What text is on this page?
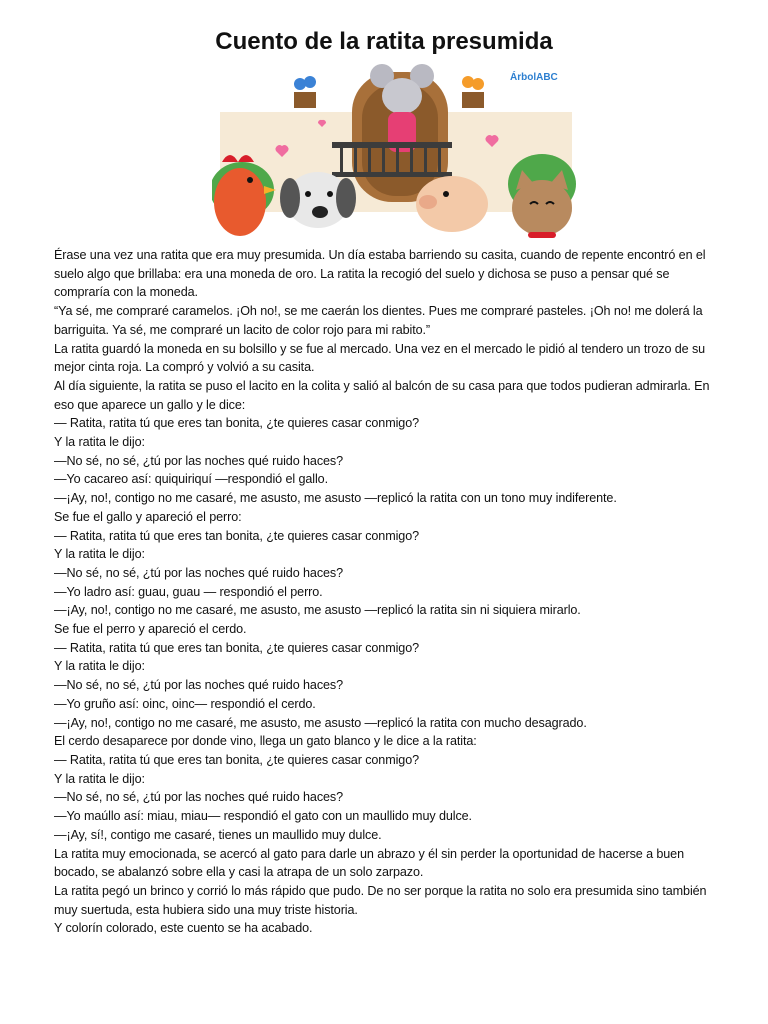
Cuento de la ratita presumida
ÁrbolABC

Érase una vez una ratita que era muy presumida. Un día estaba barriendo su casita, cuando de repente encontró en el suelo algo que brillaba: era una moneda de oro. La ratita la recogió del suelo y dichosa se puso a pensar qué se compraría con la moneda.

“Ya sé, me compraré caramelos. ¡Oh no!, se me caerán los dientes. Pues me compraré pasteles. ¡Oh no! me dolerá la barriguita. Ya sé, me compraré un lacito de color rojo para mi rabito.”

La ratita guardó la moneda en su bolsillo y se fue al mercado. Una vez en el mercado le pidió al tendero un trozo de su mejor cinta roja. La compró y volvió a su casita.

Al día siguiente, la ratita se puso el lacito en la colita y salió al balcón de su casa para que todos pudieran admirarla. En eso que aparece un gallo y le dice:

— Ratita, ratita tú que eres tan bonita, ¿te quieres casar conmigo?

Y la ratita le dijo:

—No sé, no sé, ¿tú por las noches qué ruido haces?

—Yo cacareo así: quiquiriquí —respondió el gallo.

—¡Ay, no!, contigo no me casaré, me asusto, me asusto —replicó la ratita con un tono muy indiferente.

Se fue el gallo y apareció el perro:

— Ratita, ratita tú que eres tan bonita, ¿te quieres casar conmigo?

Y la ratita le dijo:

—No sé, no sé, ¿tú por las noches qué ruido haces?

—Yo ladro así: guau, guau — respondió el perro.

—¡Ay, no!, contigo no me casaré, me asusto, me asusto —replicó la ratita sin ni siquiera mirarlo.

Se fue el perro y apareció el cerdo.

— Ratita, ratita tú que eres tan bonita, ¿te quieres casar conmigo?

Y la ratita le dijo:

—No sé, no sé, ¿tú por las noches qué ruido haces?

—Yo gruño así: oinc, oinc— respondió el cerdo.

—¡Ay, no!, contigo no me casaré, me asusto, me asusto —replicó la ratita con mucho desagrado.

El cerdo desaparece por donde vino, llega un gato blanco y le dice a la ratita:

— Ratita, ratita tú que eres tan bonita, ¿te quieres casar conmigo?

Y la ratita le dijo:

—No sé, no sé, ¿tú por las noches qué ruido haces?

—Yo maúllo así: miau, miau— respondió el gato con un maullido muy dulce.

—¡Ay, sí!, contigo me casaré, tienes un maullido muy dulce.

La ratita muy emocionada, se acercó al gato para darle un abrazo y él sin perder la oportunidad de hacerse a buen bocado, se abalanzó sobre ella y casi la atrapa de un solo zarpazo.

La ratita pegó un brinco y corrió lo más rápido que pudo. De no ser porque la ratita no solo era presumida sino también muy suertuda, esta hubiera sido una muy triste historia.

Y colorín colorado, este cuento se ha acabado.
